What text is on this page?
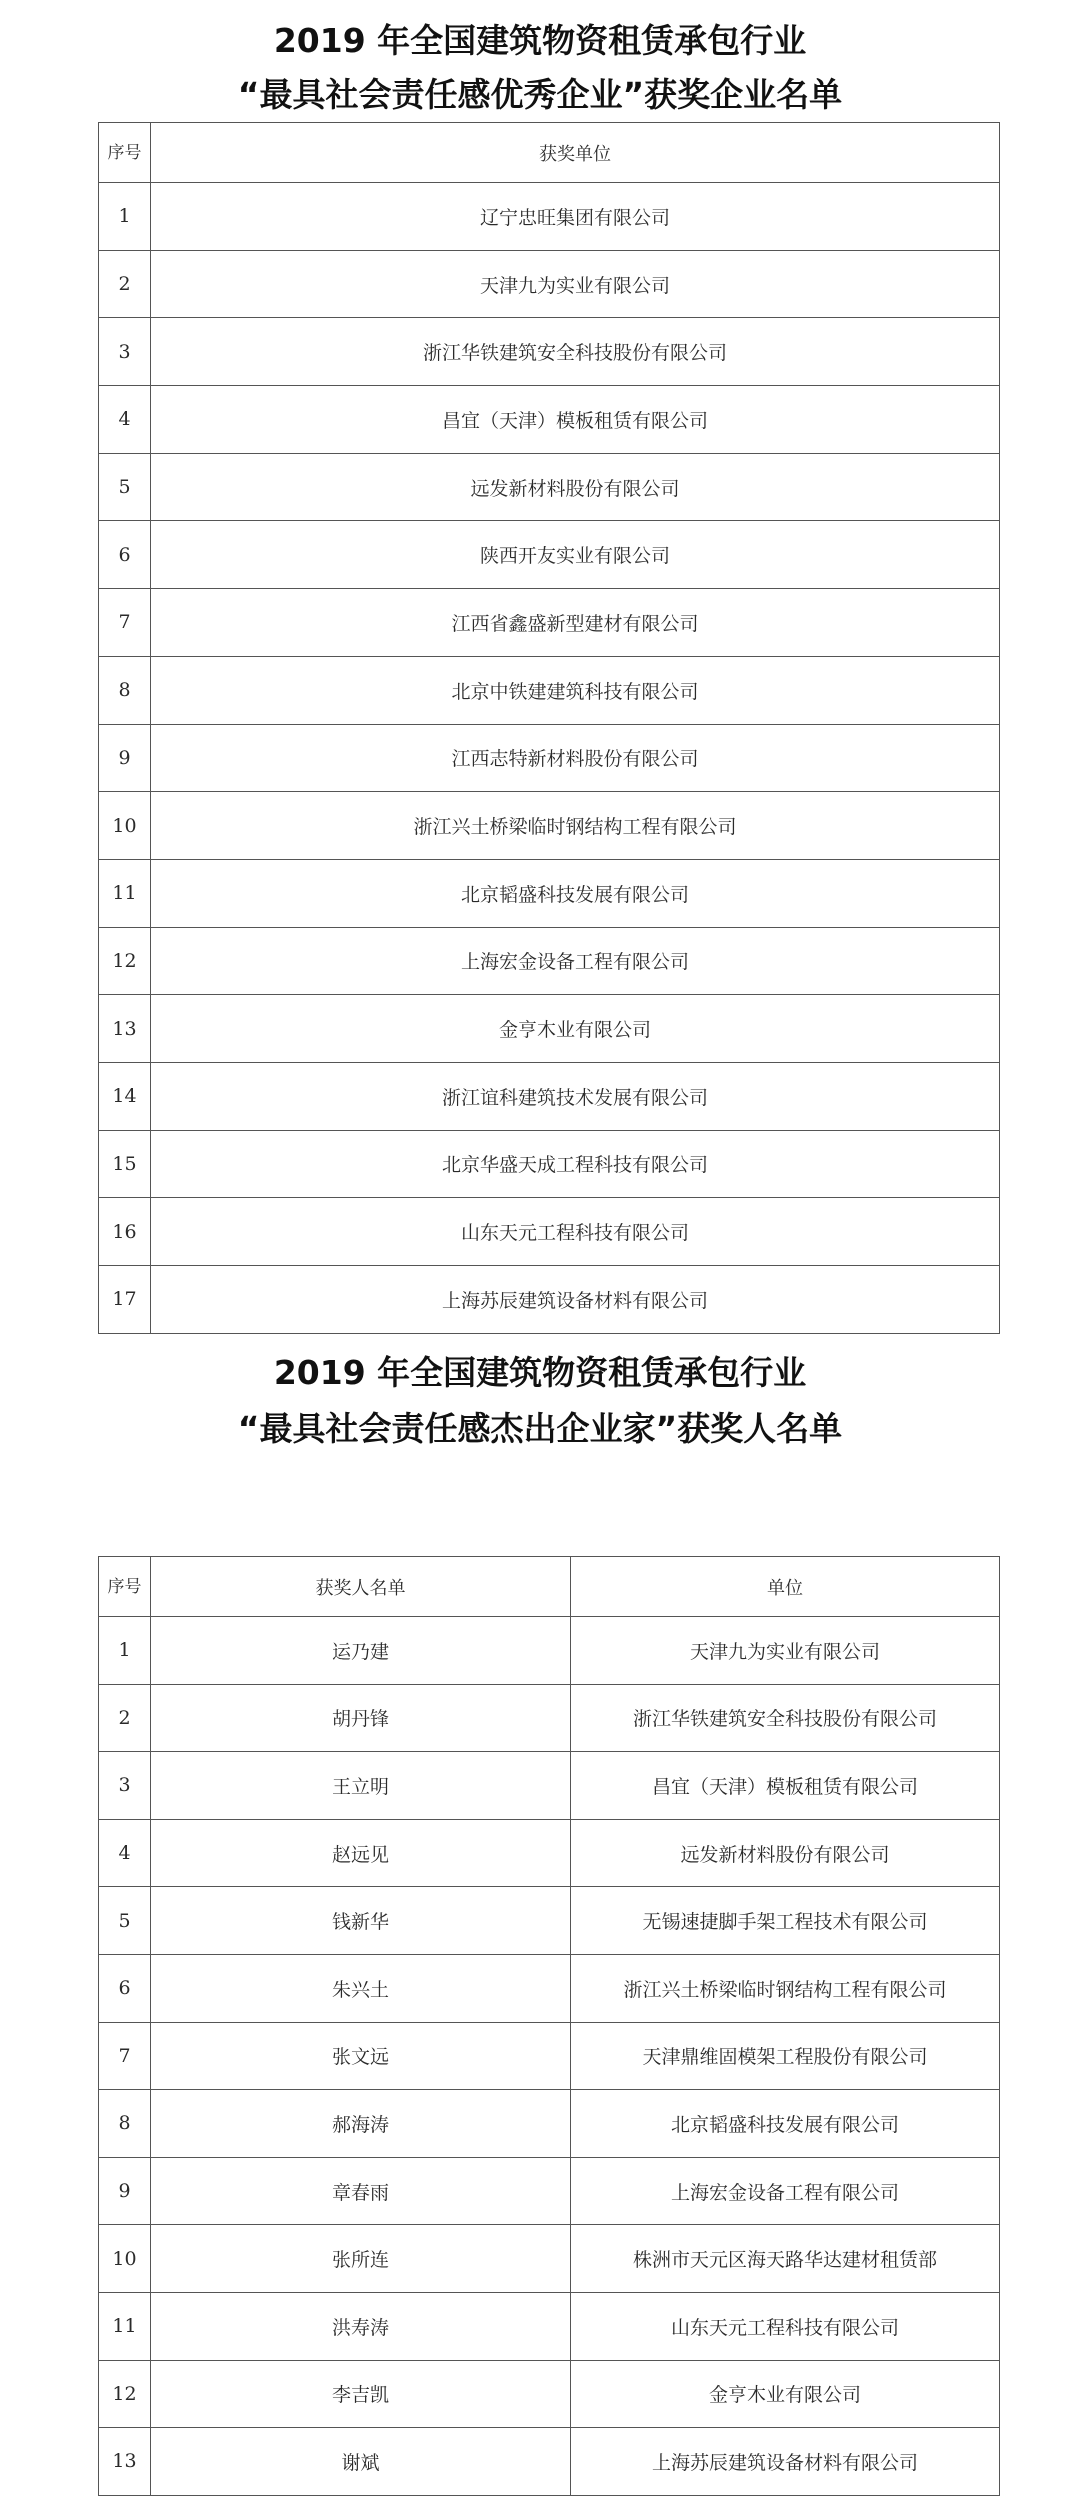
2019 年全国建筑物资租赁承包行业
“最具社会责任感优秀企业”获奖企业名单
序号	获奖单位
1	辽宁忠旺集团有限公司
2	天津九为实业有限公司
3	浙江华铁建筑安全科技股份有限公司
4	昌宜（天津）模板租赁有限公司
5	远发新材料股份有限公司
6	陕西开友实业有限公司
7	江西省鑫盛新型建材有限公司
8	北京中铁建建筑科技有限公司
9	江西志特新材料股份有限公司
10	浙江兴土桥梁临时钢结构工程有限公司
11	北京韬盛科技发展有限公司
12	上海宏金设备工程有限公司
13	金亨木业有限公司
14	浙江谊科建筑技术发展有限公司
15	北京华盛天成工程科技有限公司
16	山东天元工程科技有限公司
17	上海苏辰建筑设备材料有限公司
2019 年全国建筑物资租赁承包行业
“最具社会责任感杰出企业家”获奖人名单
序号	获奖人名单	单位
1	运乃建	天津九为实业有限公司
2	胡丹锋	浙江华铁建筑安全科技股份有限公司
3	王立明	昌宜（天津）模板租赁有限公司
4	赵远见	远发新材料股份有限公司
5	钱新华	无锡速捷脚手架工程技术有限公司
6	朱兴土	浙江兴土桥梁临时钢结构工程有限公司
7	张文远	天津鼎维固模架工程股份有限公司
8	郝海涛	北京韬盛科技发展有限公司
9	章春雨	上海宏金设备工程有限公司
10	张所连	株洲市天元区海天路华达建材租赁部
11	洪寿涛	山东天元工程科技有限公司
12	李吉凯	金亨木业有限公司
13	谢斌	上海苏辰建筑设备材料有限公司
